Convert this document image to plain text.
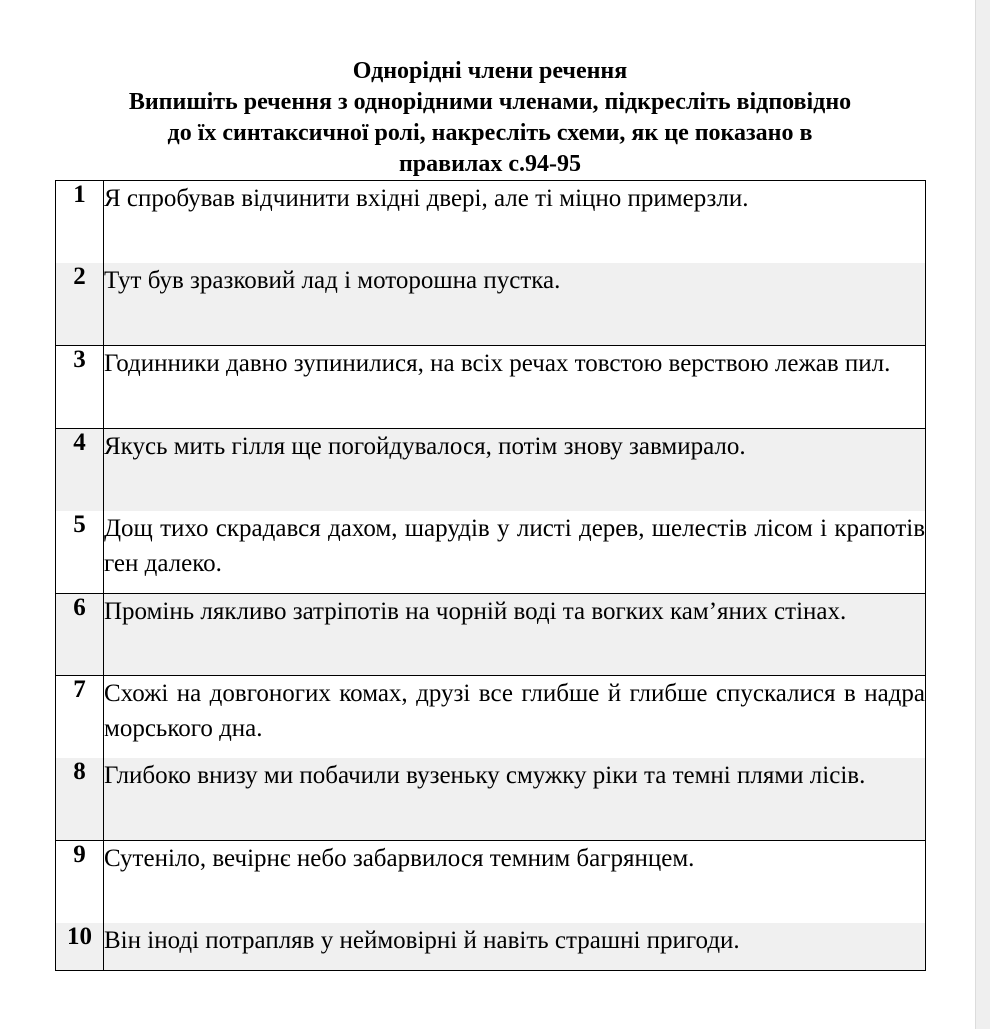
Однорідні члени речення
Випишіть речення з однорідними членами, підкресліть відповідно
до їх синтаксичної ролі, накресліть схеми, як це показано в
правилах с.94-95
1	Я спробував відчинити вхідні двері, але ті міцно примерзли.
2	Тут був зразковий лад і моторошна пустка.
3	Годинники давно зупинилися, на всіх речах товстою верствою лежав пил.
4	Якусь мить гілля ще погойдувалося, потім знову завмирало.
5	Дощ тихо скрадався дахом, шарудів у листі дерев, шелестів лісом і крапотів ген далеко.
6	Промінь лякливо затріпотів на чорній воді та вогких кам’яних стінах.
7	Схожі на довгоногих комах, друзі все глибше й глибше спускалися в надра морського дна.
8	Глибоко внизу ми побачили вузеньку смужку ріки та темні плями лісів.
9	Сутеніло, вечірнє небо забарвилося темним багрянцем.
10	Він іноді потрапляв у неймовірні й навіть страшні пригоди.
